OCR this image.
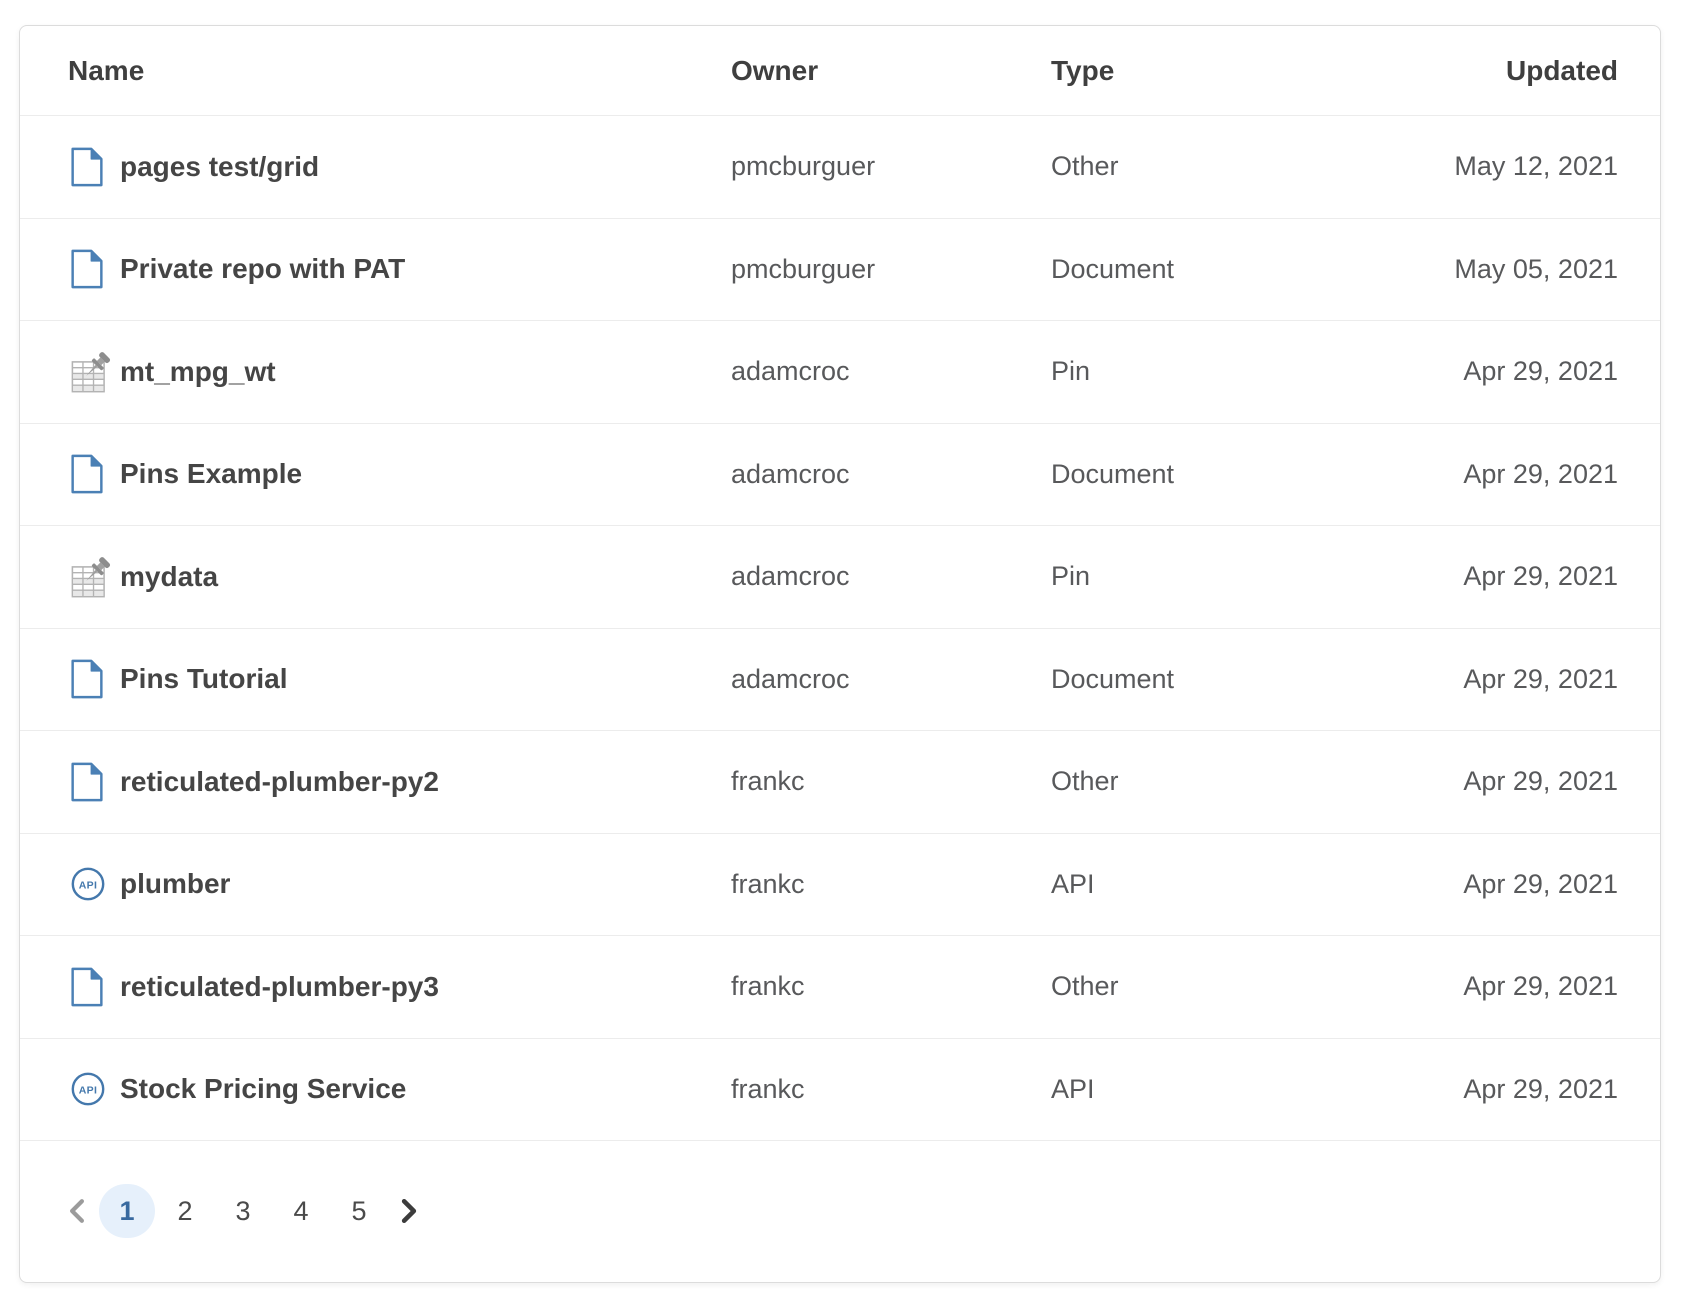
Name	Owner	Type	Updated
pages test/grid	pmcburguer	Other	May 12, 2021
Private repo with PAT	pmcburguer	Document	May 05, 2021
mt_mpg_wt	adamcroc	Pin	Apr 29, 2021
Pins Example	adamcroc	Document	Apr 29, 2021
mydata	adamcroc	Pin	Apr 29, 2021
Pins Tutorial	adamcroc	Document	Apr 29, 2021
reticulated-plumber-py2	frankc	Other	Apr 29, 2021
API plumber	frankc	API	Apr 29, 2021
reticulated-plumber-py3	frankc	Other	Apr 29, 2021
API Stock Pricing Service	frankc	API	Apr 29, 2021
1	2	3	4	5
